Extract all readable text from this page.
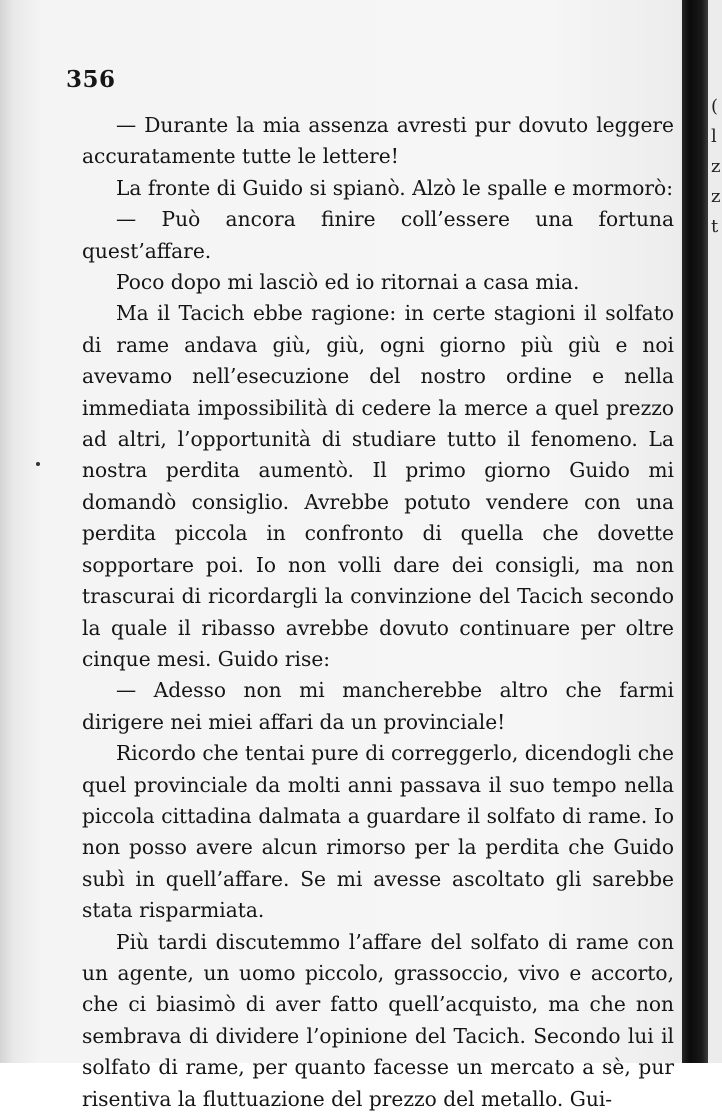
356

— Durante la mia assenza avresti pur dovuto leggere accuratamente tutte le lettere!

La fronte di Guido si spianò. Alzò le spalle e mormorò:

— Può ancora finire coll’essere una fortuna quest’affare.

Poco dopo mi lasciò ed io ritornai a casa mia.

Ma il Tacich ebbe ragione: in certe stagioni il solfato di rame andava giù, giù, ogni giorno più giù e noi avevamo nell’esecuzione del nostro ordine e nella immediata impossibilità di cedere la merce a quel prezzo ad altri, l’opportunità di studiare tutto il fenomeno. La nostra perdita aumentò. Il primo giorno Guido mi domandò consiglio. Avrebbe potuto vendere con una perdita piccola in confronto di quella che dovette sopportare poi. Io non volli dare dei consigli, ma non trascurai di ricordargli la convinzione del Tacich secondo la quale il ribasso avrebbe dovuto continuare per oltre cinque mesi. Guido rise:

— Adesso non mi mancherebbe altro che farmi dirigere nei miei affari da un provinciale!

Ricordo che tentai pure di correggerlo, dicendogli che quel provinciale da molti anni passava il suo tempo nella piccola cittadina dalmata a guardare il solfato di rame. Io non posso avere alcun rimorso per la perdita che Guido subì in quell’affare. Se mi avesse ascoltato gli sarebbe stata risparmiata.

Più tardi discutemmo l’affare del solfato di rame con un agente, un uomo piccolo, grassoccio, vivo e accorto, che ci biasimò di aver fatto quell’acquisto, ma che non sembrava di dividere l’opinione del Tacich. Secondo lui il solfato di rame, per quanto facesse un mercato a sè, pur risentiva la fluttuazione del prezzo del metallo. Gui-

(
l
z
z
t
